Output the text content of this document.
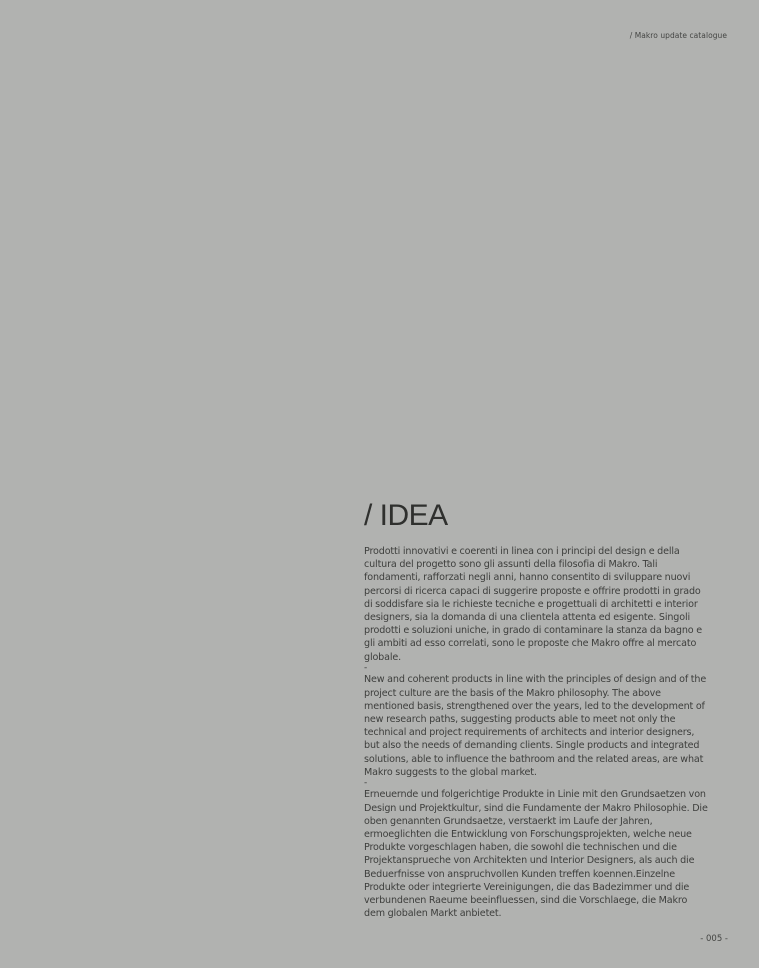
/ Makro update catalogue
/ IDEA

Prodotti innovativi e coerenti in linea con i principi del design e della cultura del progetto sono gli assunti della filosofia di Makro. Tali fondamenti, rafforzati negli anni, hanno consentito di sviluppare nuovi percorsi di ricerca capaci di suggerire proposte e offrire prodotti in grado di soddisfare sia le richieste tecniche e progettuali di architetti e interior designers, sia la domanda di una clientela attenta ed esigente. Singoli prodotti e soluzioni uniche, in grado di contaminare la stanza da bagno e gli ambiti ad esso correlati, sono le proposte che Makro offre al mercato globale.

-

New and coherent products in line with the principles of design and of the project culture are the basis of the Makro philosophy. The above mentioned basis, strengthened over the years, led to the development of new research paths, suggesting products able to meet not only the technical and project requirements of architects and interior designers, but also the needs of demanding clients. Single products and integrated solutions, able to influence the bathroom and the related areas, are what Makro suggests to the global market.

-

Erneuernde und folgerichtige Produkte in Linie mit den Grundsaetzen von Design und Projektkultur, sind die Fundamente der Makro Philosophie. Die oben genannten Grundsaetze, verstaerkt im Laufe der Jahren, ermoeglichten die Entwicklung von Forschungsprojekten, welche neue Produkte vorgeschlagen haben, die sowohl die technischen und die Projektansprueche von Architekten und Interior Designers, als auch die Beduerfnisse von anspruchvollen Kunden treffen koennen.Einzelne Produkte oder integrierte Vereinigungen, die das Badezimmer und die verbundenen Raeume beeinfluessen, sind die Vorschlaege, die Makro dem globalen Markt anbietet.

- 005 -
